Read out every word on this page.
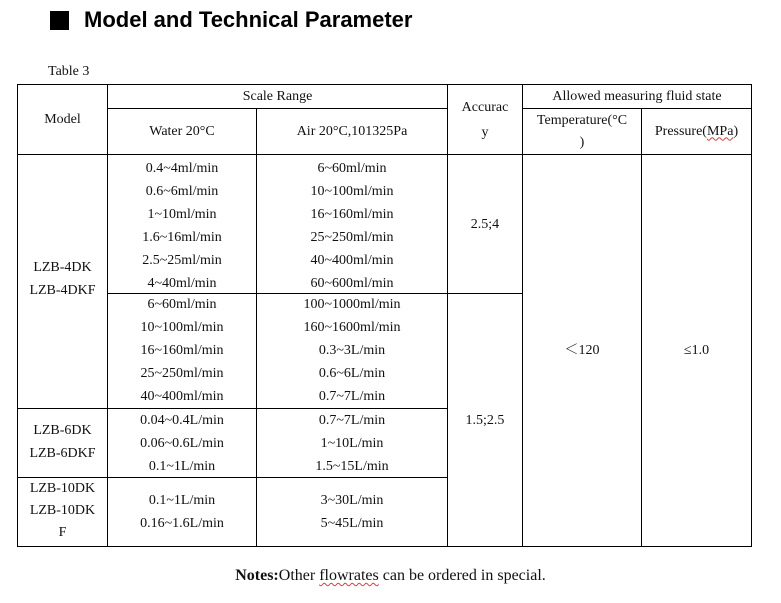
Model and Technical Parameter
Table 3
Model
Scale Range
Water 20°C	Air 20°C,101325Pa
Accurac
y
Allowed measuring fluid state
Temperature(°C
)
Pressure(MPa)
LZB-4DK
LZB-4DKF
0.4~4ml/min
0.6~6ml/min
1~10ml/min
1.6~16ml/min
2.5~25ml/min
4~40ml/min
6~60ml/min
10~100ml/min
16~160ml/min
25~250ml/min
40~400ml/min
60~600ml/min
6~60ml/min
10~100ml/min
16~160ml/min
25~250ml/min
40~400ml/min
100~1000ml/min
160~1600ml/min
0.3~3L/min
0.6~6L/min
0.7~7L/min
LZB-6DK
LZB-6DKF
0.04~0.4L/min
0.06~0.6L/min
0.1~1L/min
0.7~7L/min
1~10L/min
1.5~15L/min
LZB-10DK
LZB-10DK
F
0.1~1L/min
0.16~1.6L/min
3~30L/min
5~45L/min
2.5;4
1.5;2.5
＜120	≤1.0
Notes:Other flowrates can be ordered in special.
